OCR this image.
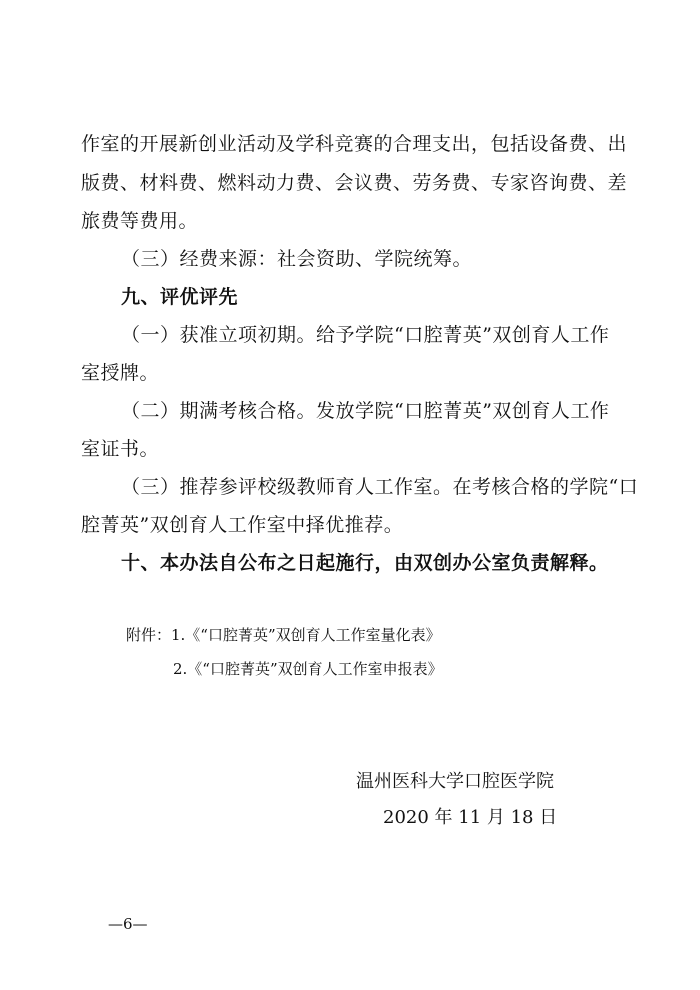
作室的开展新创业活动及学科竞赛的合理支出，包括设备费、出
版费、材料费、燃料动力费、会议费、劳务费、专家咨询费、差
旅费等费用。
（三）经费来源：社会资助、学院统筹。
九、评优评先
（一）获准立项初期。给予学院“口腔菁英”双创育人工作
室授牌。
（二）期满考核合格。发放学院“口腔菁英”双创育人工作
室证书。
（三）推荐参评校级教师育人工作室。在考核合格的学院“口
腔菁英”双创育人工作室中择优推荐。
十、本办法自公布之日起施行，由双创办公室负责解释。
附件：1.《“口腔菁英”双创育人工作室量化表》
2.《“口腔菁英”双创育人工作室申报表》
温州医科大学口腔医学院
2020 年 11 月 18 日
—6—
